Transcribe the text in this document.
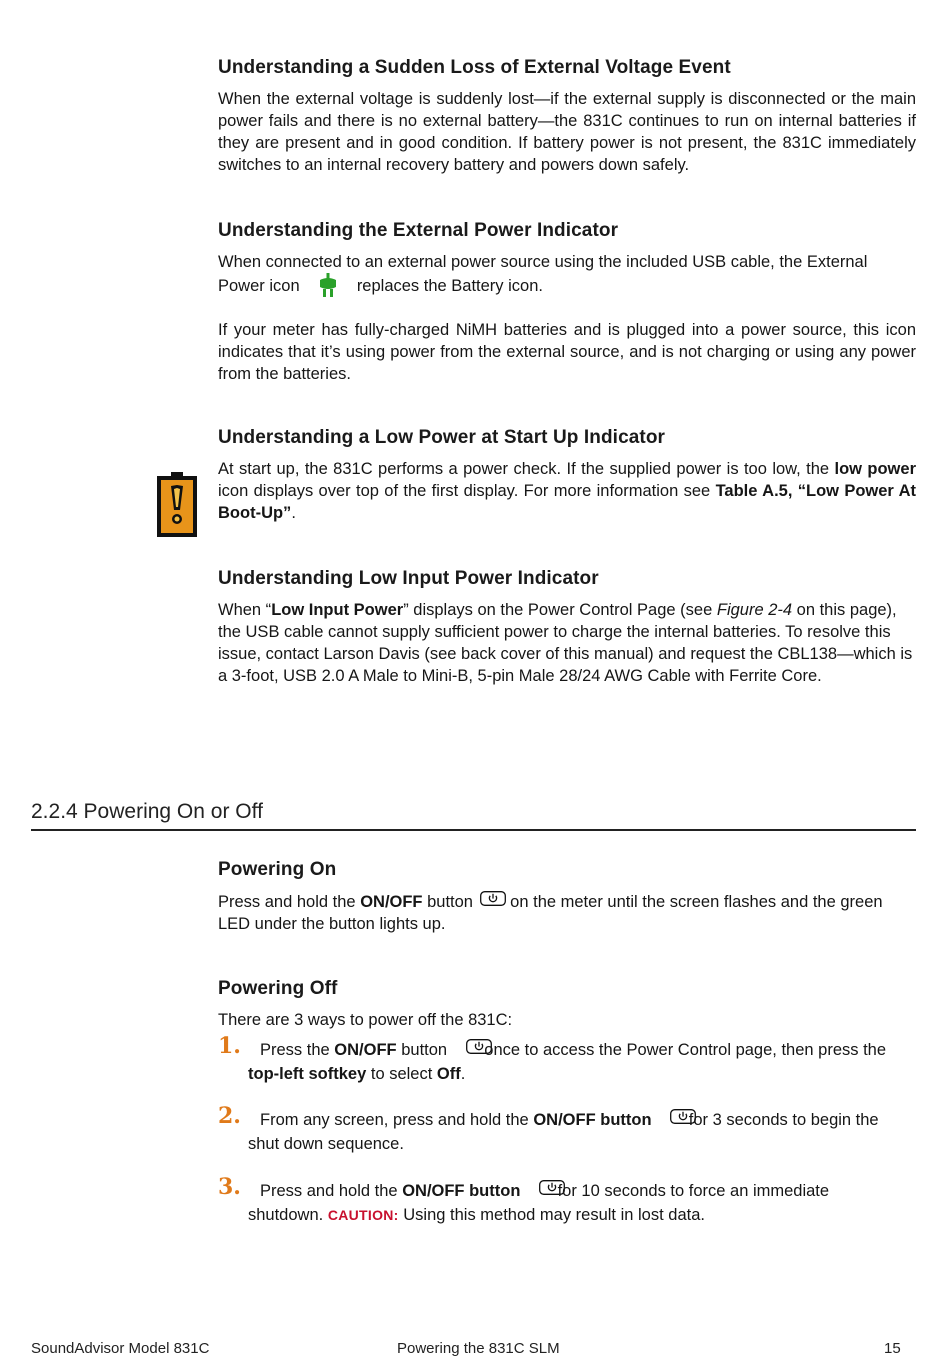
Understanding a Sudden Loss of External Voltage Event

When the external voltage is suddenly lost—if the external supply is disconnected or the main power fails and there is no external battery—the 831C continues to run on internal batteries if they are present and in good condition. If battery power is not present, the 831C immediately switches to an internal recovery battery and powers down safely.

Understanding the External Power Indicator

When connected to an external power source using the included USB cable, the External Power icon	replaces the Battery icon.

If your meter has fully-charged NiMH batteries and is plugged into a power source, this icon indicates that it’s using power from the external source, and is not charging or using any power from the batteries.

Understanding a Low Power at Start Up Indicator

At start up, the 831C performs a power check. If the supplied power is too low, the low power icon displays over top of the first display. For more information see Table A.5, “Low Power At Boot-Up”.

Understanding Low Input Power Indicator

When “Low Input Power” displays on the Power Control Page (see Figure 2-4 on this page), the USB cable cannot supply sufficient power to charge the internal batteries. To resolve this issue, contact Larson Davis (see back cover of this manual) and request the CBL138—which is a 3-foot, USB 2.0 A Male to Mini-B, 5-pin Male 28/24 AWG Cable with Ferrite Core.

2.2.4 Powering On or Off
Powering On

Press and hold the ON/OFF button on the meter until the screen flashes and the green LED under the button lights up.

Powering Off

There are 3 ways to power off the 831C:

1.	Press the ON/OFF button once to access the Power Control page, then press the
top-left softkey to select Off.
2.	From any screen, press and hold the ON/OFF button for 3 seconds to begin the
shut down sequence.
3.	Press and hold the ON/OFF button for 10 seconds to force an immediate
shutdown. CAUTION: Using this method may result in lost data.
SoundAdvisor Model 831C	Powering the 831C SLM	15
